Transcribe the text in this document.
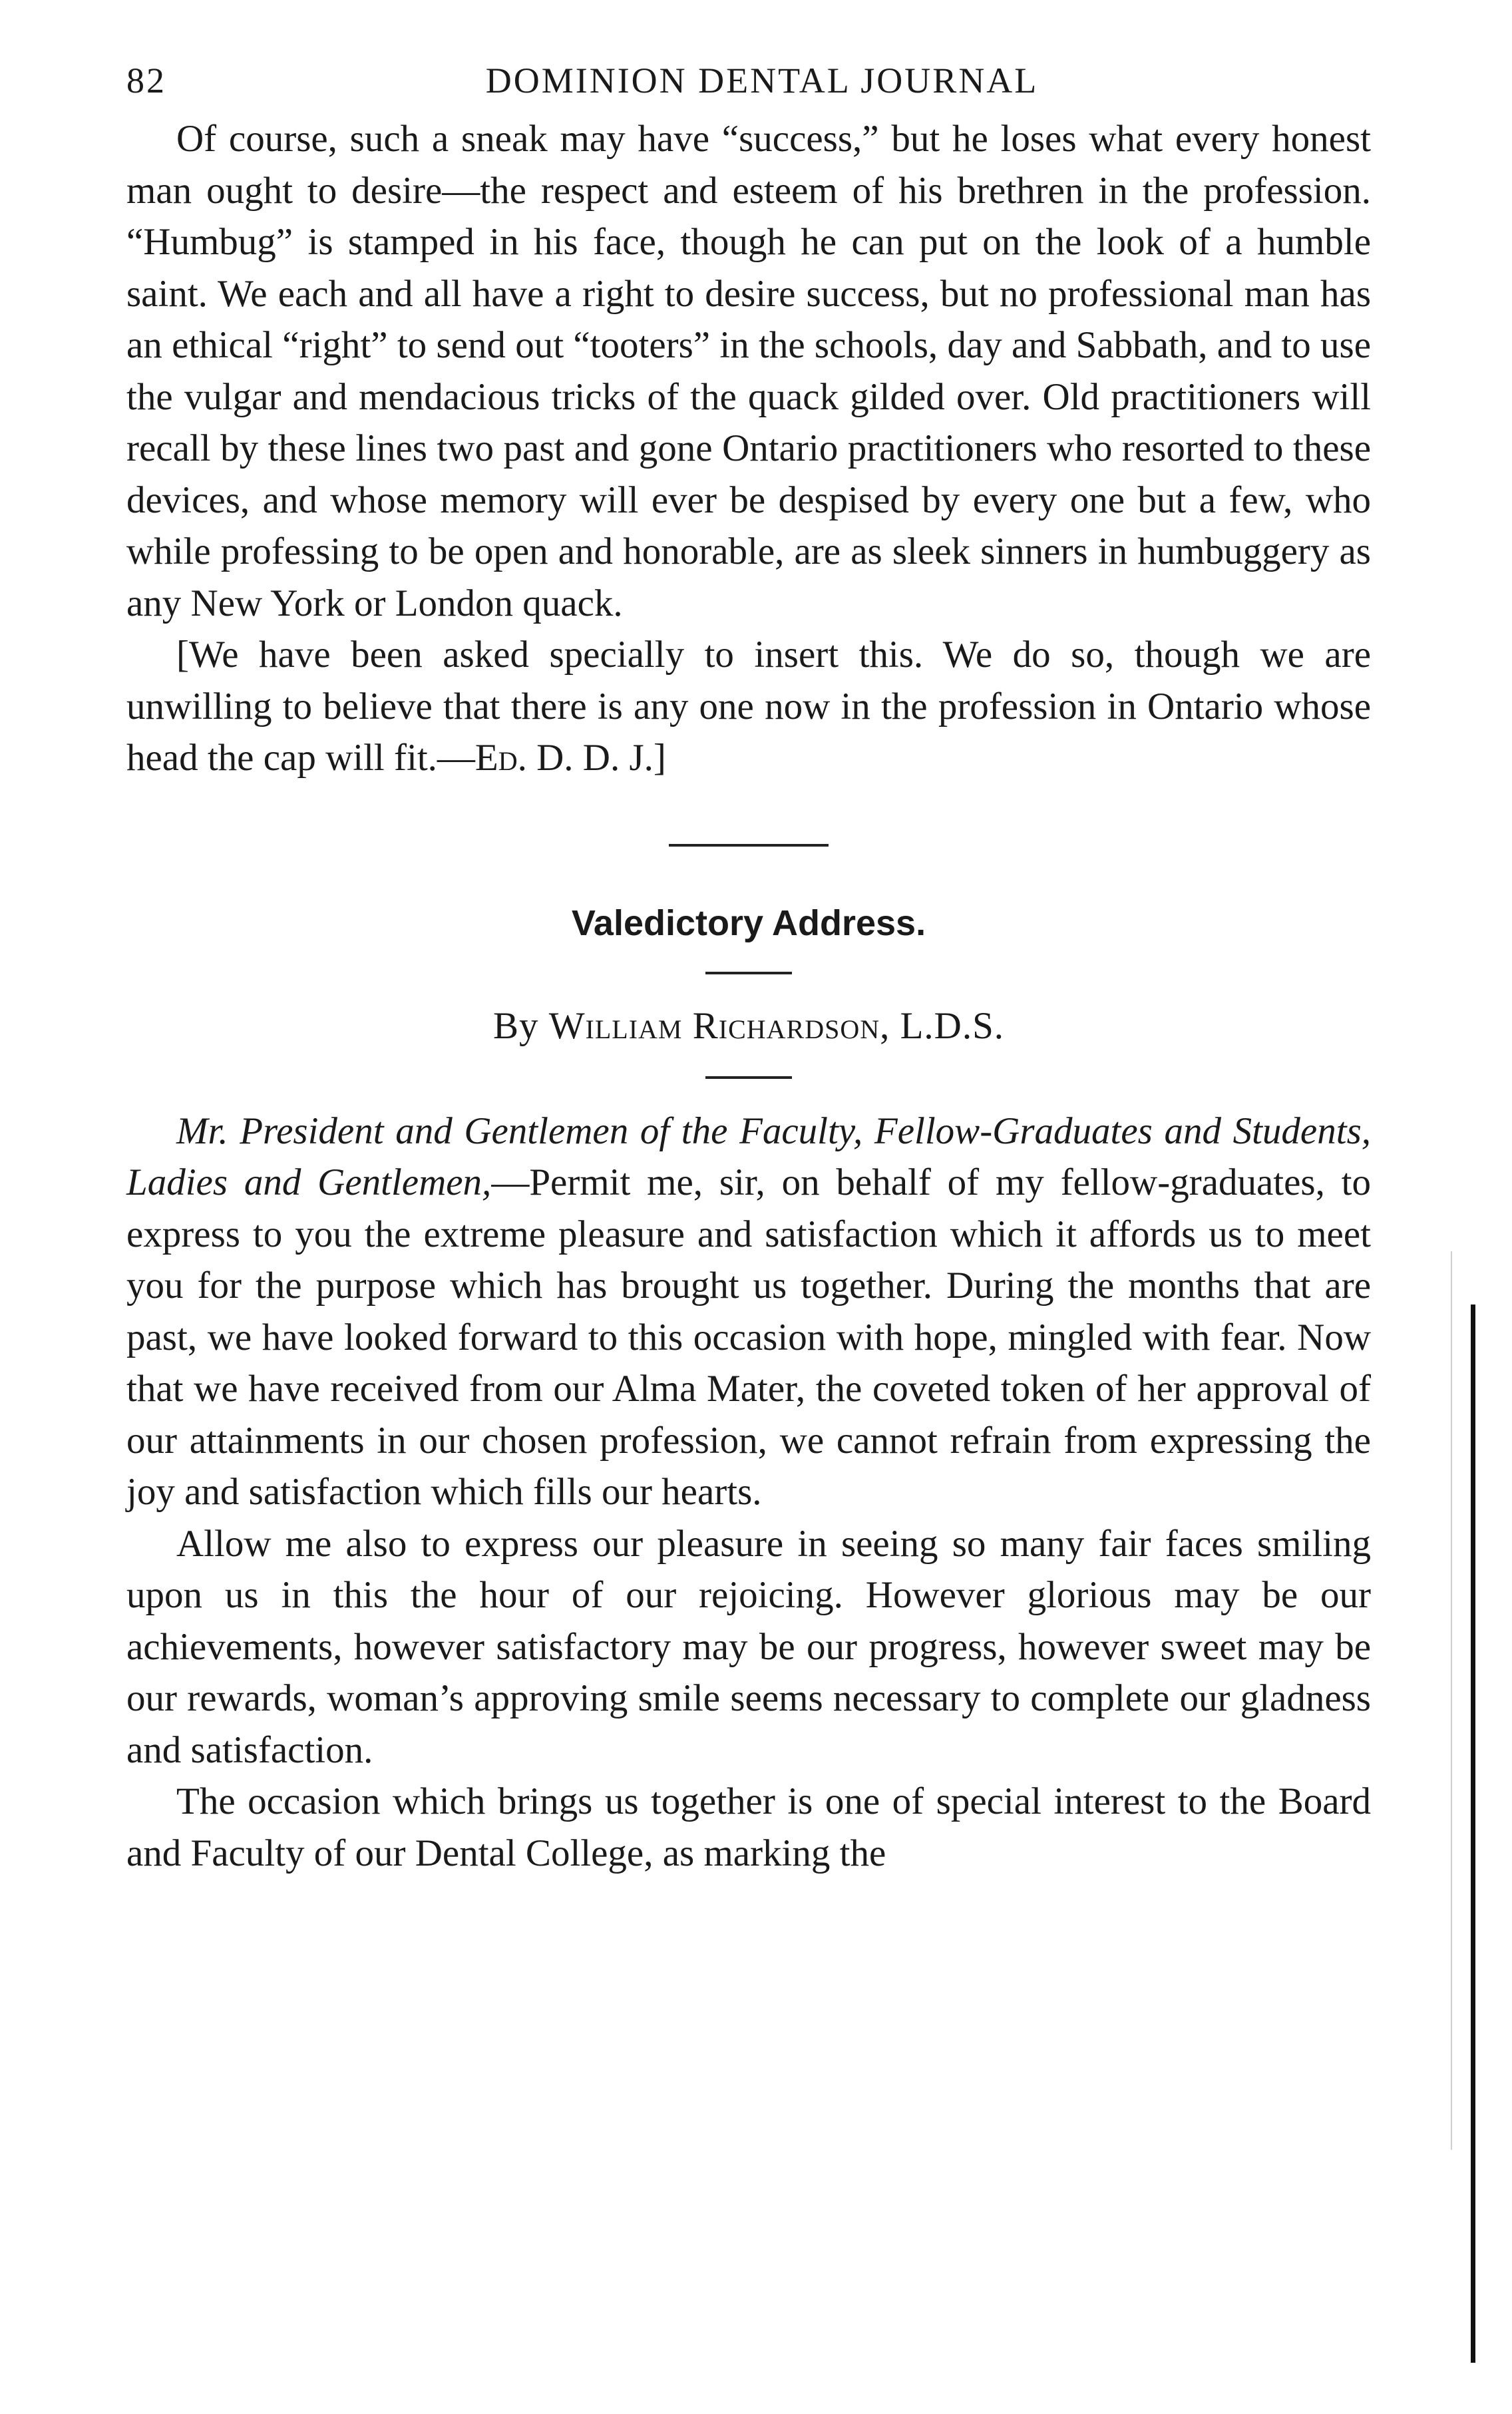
82	DOMINION DENTAL JOURNAL

Of course, such a sneak may have “success,” but he loses what every honest man ought to desire—the respect and esteem of his brethren in the profession. “Humbug” is stamped in his face, though he can put on the look of a humble saint. We each and all have a right to desire success, but no professional man has an ethical “right” to send out “tooters” in the schools, day and Sabbath, and to use the vulgar and mendacious tricks of the quack gilded over. Old practitioners will recall by these lines two past and gone Ontario practitioners who resorted to these devices, and whose memory will ever be despised by every one but a few, who while professing to be open and honorable, are as sleek sinners in humbuggery as any New York or London quack.

[We have been asked specially to insert this. We do so, though we are unwilling to believe that there is any one now in the profession in Ontario whose head the cap will fit.—Ed. D. D. J.]

Valedictory Address.

By William Richardson, L.D.S.

Mr. President and Gentlemen of the Faculty, Fellow-Graduates and Students, Ladies and Gentlemen,—Permit me, sir, on behalf of my fellow-graduates, to express to you the extreme pleasure and satisfaction which it affords us to meet you for the purpose which has brought us together. During the months that are past, we have looked forward to this occasion with hope, mingled with fear. Now that we have received from our Alma Mater, the coveted token of her approval of our attainments in our chosen profession, we cannot refrain from expressing the joy and satisfaction which fills our hearts.

Allow me also to express our pleasure in seeing so many fair faces smiling upon us in this the hour of our rejoicing. However glorious may be our achievements, however satisfactory may be our progress, however sweet may be our rewards, woman’s approving smile seems necessary to complete our gladness and satisfaction.

The occasion which brings us together is one of special interest to the Board and Faculty of our Dental College, as marking the
